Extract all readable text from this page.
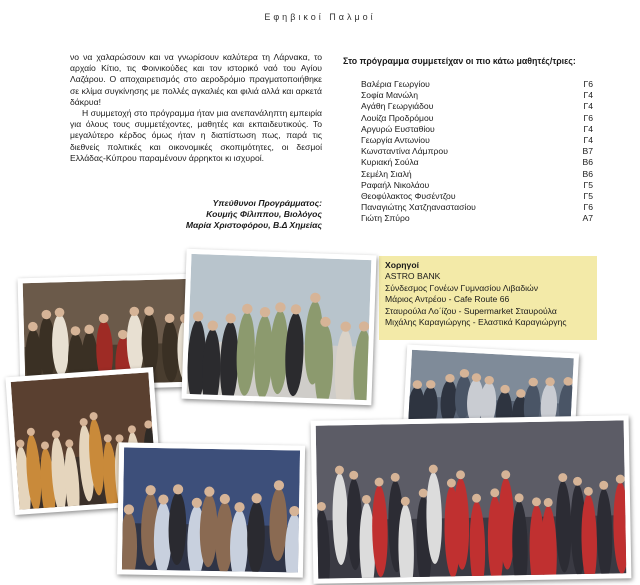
Εφηβικοί Παλμοί

νο να χαλαρώσουν και να γνωρίσουν καλύτερα τη Λάρνακα, το αρχαίο Κίτιο, τις Φοινικούδες και τον ιστορικό ναό του Αγίου Λαζάρου. Ο αποχαιρετισμός στο αεροδρόμιο πραγματοποιήθηκε σε κλίμα συγκίνησης με πολλές αγκαλιές και φιλιά αλλά και αρκετά δάκρυα!

Η συμμετοχή στο πρόγραμμα ήταν μια ανεπανάληπτη εμπειρία για όλους τους συμμετέχοντες, μαθητές και εκπαιδευτικούς. Το μεγαλύτερο κέρδος όμως ήταν η διαπίστωση πως, παρά τις διεθνείς πολιτικές και οικονομικές σκοπιμότητες, οι δεσμοί Ελλάδας-Κύπρου παραμένουν άρρηκτοι κι ισχυροί.

Υπεύθυνοι Προγράμματος:
Κουμής Φίλιππου, Βιολόγος
Μαρία Χριστοφόρου, Β.Δ Χημείας
Στο πρόγραμμα συμμετείχαν οι πιο κάτω μαθητές/τριες:
Βαλέρια Γεωργίου	Γ6
Σοφία Μανώλη	Γ4
Αγάθη Γεωργιάδου	Γ4
Λουίζα Προδρόμου	Γ6
Αργυρώ Ευσταθίου	Γ4
Γεωργία Αντωνίου	Γ4
Κωνσταντίνα Λάμπρου	Β7
Κυριακή Σούλα	Β6
Σεμέλη Σιαλή	Β6
Ραφαήλ Νικολάου	Γ5
Θεοφύλακτος Φυσέντζου	Γ5
Παναγιώτης Χατζηαναστασίου	Γ6
Γιώτη Σπύρο	Α7
Χορηγοί
ASTRO BANK
Σύνδεσμος Γονέων Γυμνασίου Λιβαδιών
Μάριος Αντρέου - Cafe Route 66
Σταυρούλα Λο΄ίζου - Supermarket Σταυρούλα
Μιχάλης Καραγιώργης - Ελαστικά Καραγιώργης
